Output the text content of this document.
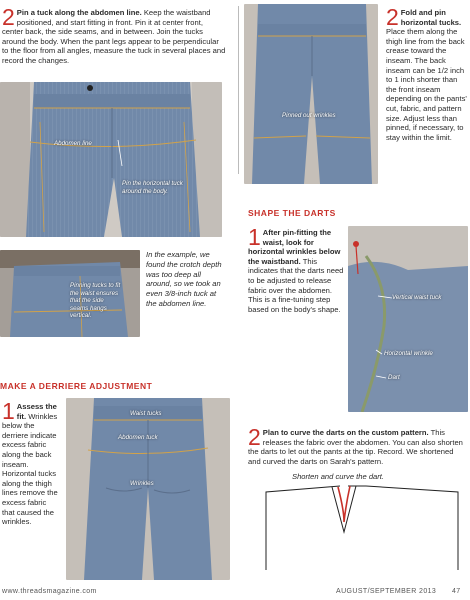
2 Pin a tuck along the abdomen line. Keep the waistband positioned, and start fitting in front. Pin it at center front, center back, the side seams, and in between. Join the tucks around the body. When the pant legs appear to be perpendicular to the floor from all angles, measure the tuck in several places and record the changes.
Abdomen line
Pin the horizontal tuck around the body.
Pinning tucks to fit the waist ensures that the side seams hangs vertical.
In the example, we found the crotch depth was too deep all around, so we took an even 3/8-inch tuck at the abdomen line.
MAKE A DERRIERE ADJUSTMENT
1 Assess the fit. Wrinkles below the derriere indicate excess fabric along the back inseam. Horizontal tucks along the thigh lines remove the excess fabric that caused the wrinkles.
Waist tucks
Abdomen tuck
Wrinkles
Pinned out wrinkles
2 Fold and pin horizontal tucks. Place them along the thigh line from the back crease toward the inseam. The back inseam can be 1/2 inch to 1 inch shorter than the front inseam depending on the pants' cut, fabric, and pattern size. Adjust less than pinned, if necessary, to stay within the limit.
SHAPE THE DARTS
1 After pin-fitting the waist, look for horizontal wrinkles below the waistband. This indicates that the darts need to be adjusted to release fabric over the abdomen. This is a fine-tuning step based on the body's shape.
Vertical waist tuck
Horizontal wrinkle
Dart
2 Plan to curve the darts on the custom pattern. This releases the fabric over the abdomen. You can also shorten the darts to let out the pants at the tip. Record. We shortened and curved the darts on Sarah's pattern.
Shorten and curve the dart.
www.threadsmagazine.com	AUGUST/SEPTEMBER 2013 47
